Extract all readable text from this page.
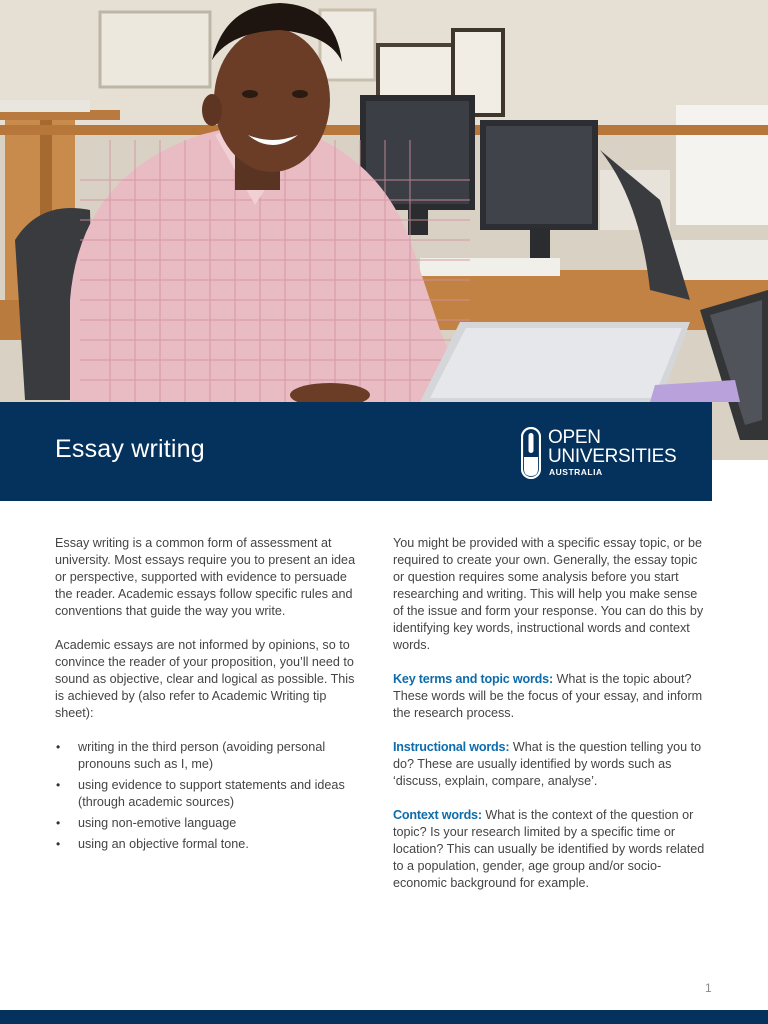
Essay writing	OPEN
UNIVERSITIES
AUSTRALIA

Essay writing is a common form of assessment at university. Most essays require you to present an idea or perspective, supported with evidence to persuade the reader. Academic essays follow specific rules and conventions that guide the way you write.

Academic essays are not informed by opinions, so to convince the reader of your proposition, you’ll need to sound as objective, clear and logical as possible. This is achieved by (also refer to Academic Writing tip sheet):

• writing in the third person (avoiding personal pronouns such as I, me)
• using evidence to support statements and ideas (through academic sources)
• using non-emotive language
• using an objective formal tone.

You might be provided with a specific essay topic, or be required to create your own. Generally, the essay topic or question requires some analysis before you start researching and writing. This will help you make sense of the issue and form your response. You can do this by identifying key words, instructional words and context words.

Key terms and topic words: What is the topic about? These words will be the focus of your essay, and inform the research process.

Instructional words: What is the question telling you to do? These are usually identified by words such as ‘discuss, explain, compare, analyse’.

Context words: What is the context of the question or topic? Is your research limited by a specific time or location? This can usually be identified by words related to a population, gender, age group and/or socio-economic background for example.

1
